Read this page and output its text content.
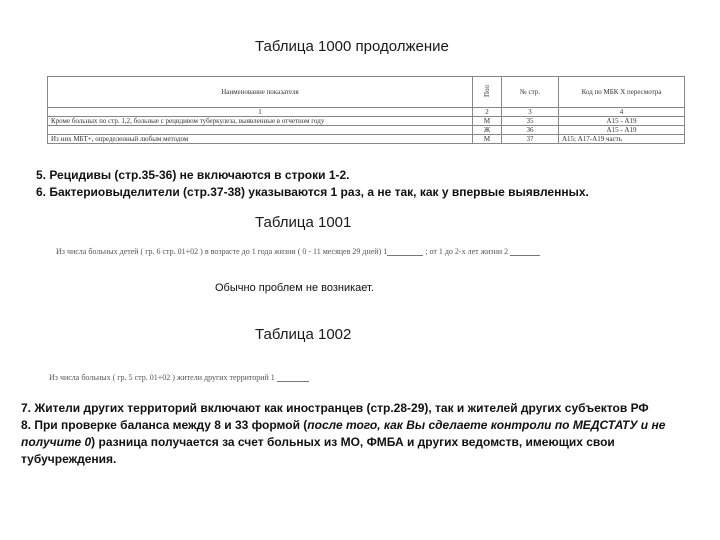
Таблица 1000 продолжение
Наименование показателя	Пол	№ стр.	Код по МБК Х пересмотра
1	2	3	4
Кроме больных по стр. 1,2, больные с рецидивом туберкулеза, выявленные в отчетном году	М	35	А15 - А19
	Ж	36	А15 - А19
Из них МБТ+, определенный любым методом	М	37	А15; А17-А19 часть
5. Рецидивы (стр.35-36) не включаются в строки 1-2.
6. Бактериовыделители (стр.37-38) указываются 1 раз, а не так, как у впервые выявленных.
Таблица 1001
Из числа больных детей ( гр. 6 стр. 01+02 ) в возрасте до 1 года жизни ( 0 - 11 месяцев 29 дней) 1	; от 1 до 2-х лет жизни 2
Обычно проблем не возникает.
Таблица 1002
Из числа больных ( гр. 5 стр. 01+02 ) жители других территорий 1
7. Жители других территорий включают как иностранцев (стр.28-29), так и жителей других субъектов РФ
8. При проверке баланса между 8 и 33 формой (после того, как Вы сделаете контроли по МЕДСТАТУ и не получите 0) разница получается за счет больных из МО, ФМБА и других ведомств, имеющих свои тубучреждения.
